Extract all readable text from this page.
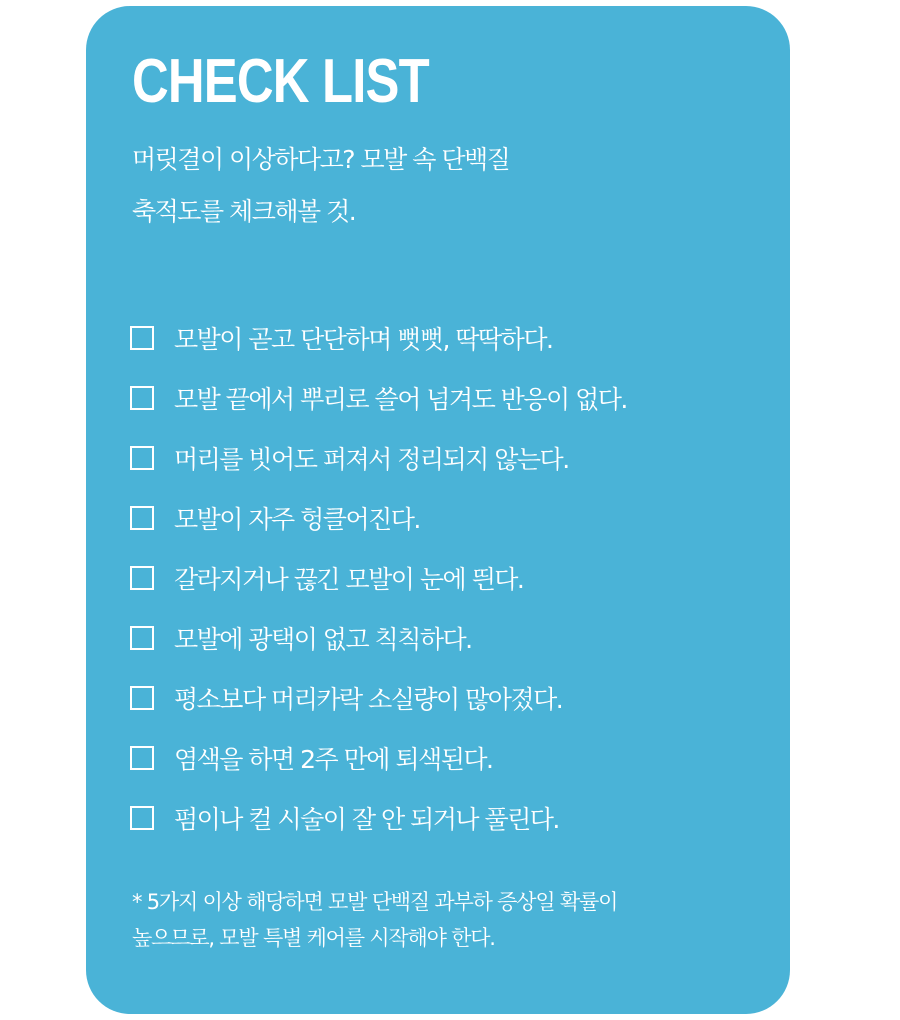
CHECK LIST
머릿결이 이상하다고? 모발 속 단백질
축적도를 체크해볼 것.
모발이 곧고 단단하며 뻣뻣, 딱딱하다.
모발 끝에서 뿌리로 쓸어 넘겨도 반응이 없다.
머리를 빗어도 퍼져서 정리되지 않는다.
모발이 자주 헝클어진다.
갈라지거나 끊긴 모발이 눈에 띈다.
모발에 광택이 없고 칙칙하다.
평소보다 머리카락 소실량이 많아졌다.
염색을 하면 2주 만에 퇴색된다.
펌이나 컬 시술이 잘 안 되거나 풀린다.
* 5가지 이상 해당하면 모발 단백질 과부하 증상일 확률이
높으므로, 모발 특별 케어를 시작해야 한다.
